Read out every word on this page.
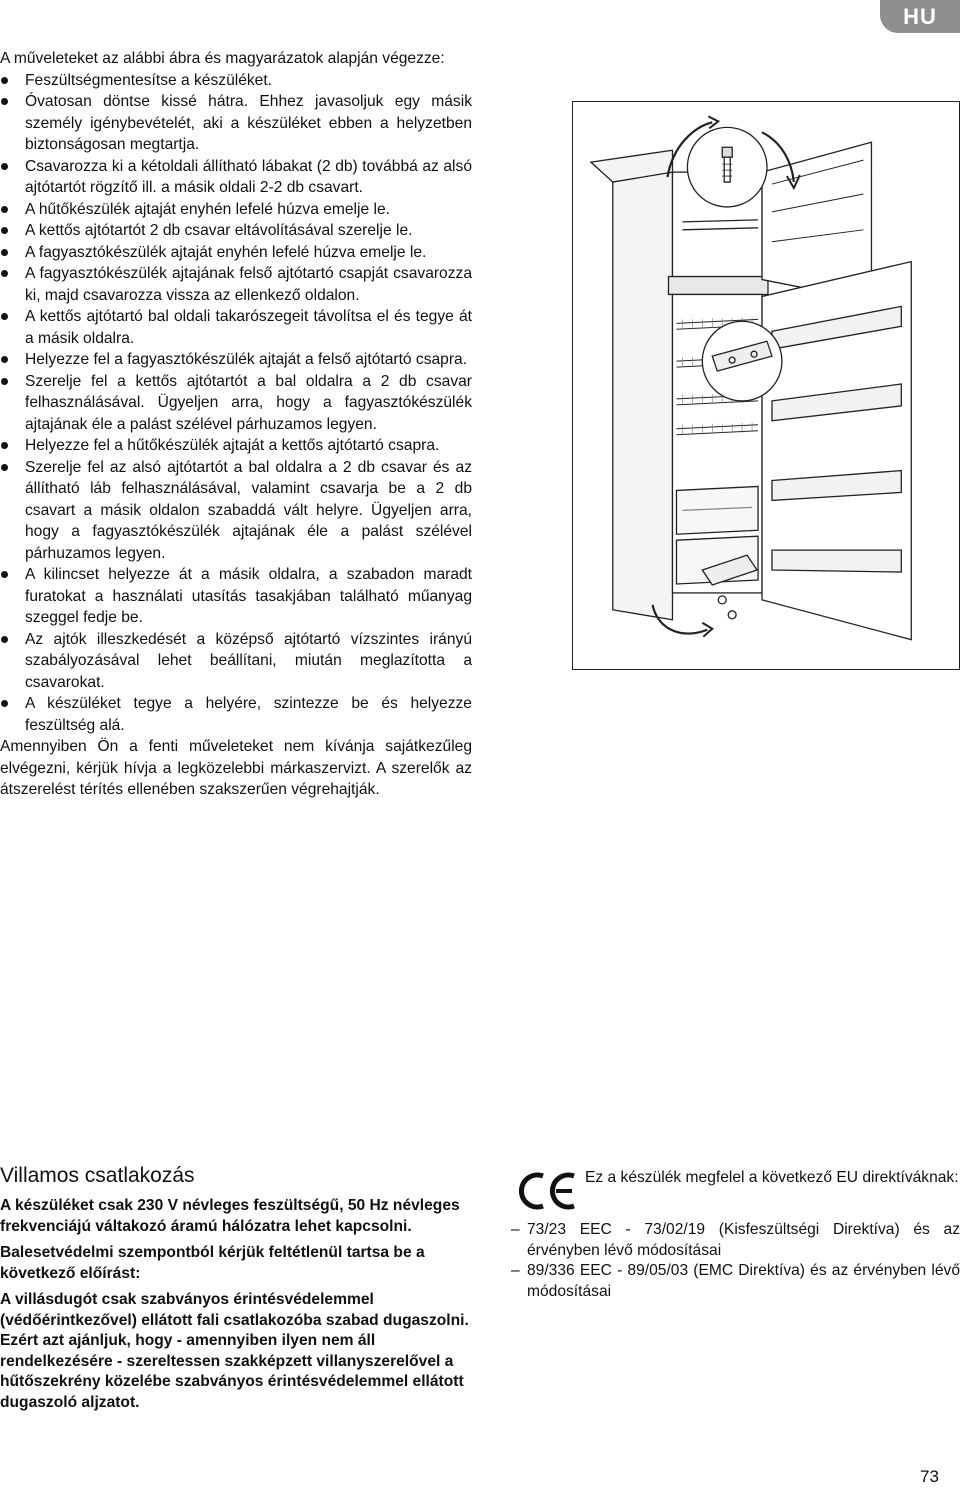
HU

A műveleteket az alábbi ábra és magyarázatok alapján végezze:

Feszültségmentesítse a készüléket.
Óvatosan döntse kissé hátra. Ehhez javasoljuk egy másik személy igénybevételét, aki a készüléket ebben a helyzetben biztonságosan megtartja.
Csavarozza ki a kétoldali állítható lábakat (2 db) továbbá az alsó ajtótartót rögzítő ill. a másik oldali 2-2 db csavart.
A hűtőkészülék ajtaját enyhén lefelé húzva emelje le.
A kettős ajtótartót 2 db csavar eltávolításával szerelje le.
A fagyasztókészülék ajtaját enyhén lefelé húzva emelje le.
A fagyasztókészülék ajtajának felső ajtótartó csapját csavarozza ki, majd csavarozza vissza az ellenkező oldalon.
A kettős ajtótartó bal oldali takarószegeit távolítsa el és tegye át a másik oldalra.
Helyezze fel a fagyasztókészülék ajtaját a felső ajtótartó csapra.
Szerelje fel a kettős ajtótartót a bal oldalra a 2 db csavar felhasználásával. Ügyeljen arra, hogy a fagyasztókészülék ajtajának éle a palást szélével párhuzamos legyen.
Helyezze fel a hűtőkészülék ajtaját a kettős ajtótartó csapra.
Szerelje fel az alsó ajtótartót a bal oldalra a 2 db csavar és az állítható láb felhasználásával, valamint csavarja be a 2 db csavart a másik oldalon szabaddá vált helyre. Ügyeljen arra, hogy a fagyasztókészülék ajtajának éle a palást szélével párhuzamos legyen.
A kilincset helyezze át a másik oldalra, a szabadon maradt furatokat a használati utasítás tasakjában található műanyag szeggel fedje be.
Az ajtók illeszkedését a középső ajtótartó vízszintes irányú szabályozásával lehet beállítani, miután meglazította a csavarokat.
A készüléket tegye a helyére, szintezze be és helyezze feszültség alá.

Amennyiben Ön a fenti műveleteket nem kívánja sajátkezűleg elvégezni, kérjük hívja a legközelebbi márkaszervizt. A szerelők az átszerelést térítés ellenében szakszerűen végrehajtják.

Villamos csatlakozás

A készüléket csak 230 V névleges feszültségű, 50 Hz névleges frekvenciájú váltakozó áramú hálózatra lehet kapcsolni.

Balesetvédelmi szempontból kérjük feltétlenül tartsa be a következő előírást:

A villásdugót csak szabványos érintésvédelemmel (védőérintkezővel) ellátott fali csatlakozóba szabad dugaszolni. Ezért azt ajánljuk, hogy - amennyiben ilyen nem áll rendelkezésére - szereltessen szakképzett villanyszerelővel a hűtőszekrény közelébe szabványos érintésvédelemmel ellátott dugaszoló aljzatot.

Ez a készülék megfelel a következő EU direktíváknak:
– 73/23 EEC - 73/02/19 (Kisfeszültségi Direktíva) és az érvényben lévő módosításai
– 89/336 EEC - 89/05/03 (EMC Direktíva) és az érvényben lévő módosításai
73
